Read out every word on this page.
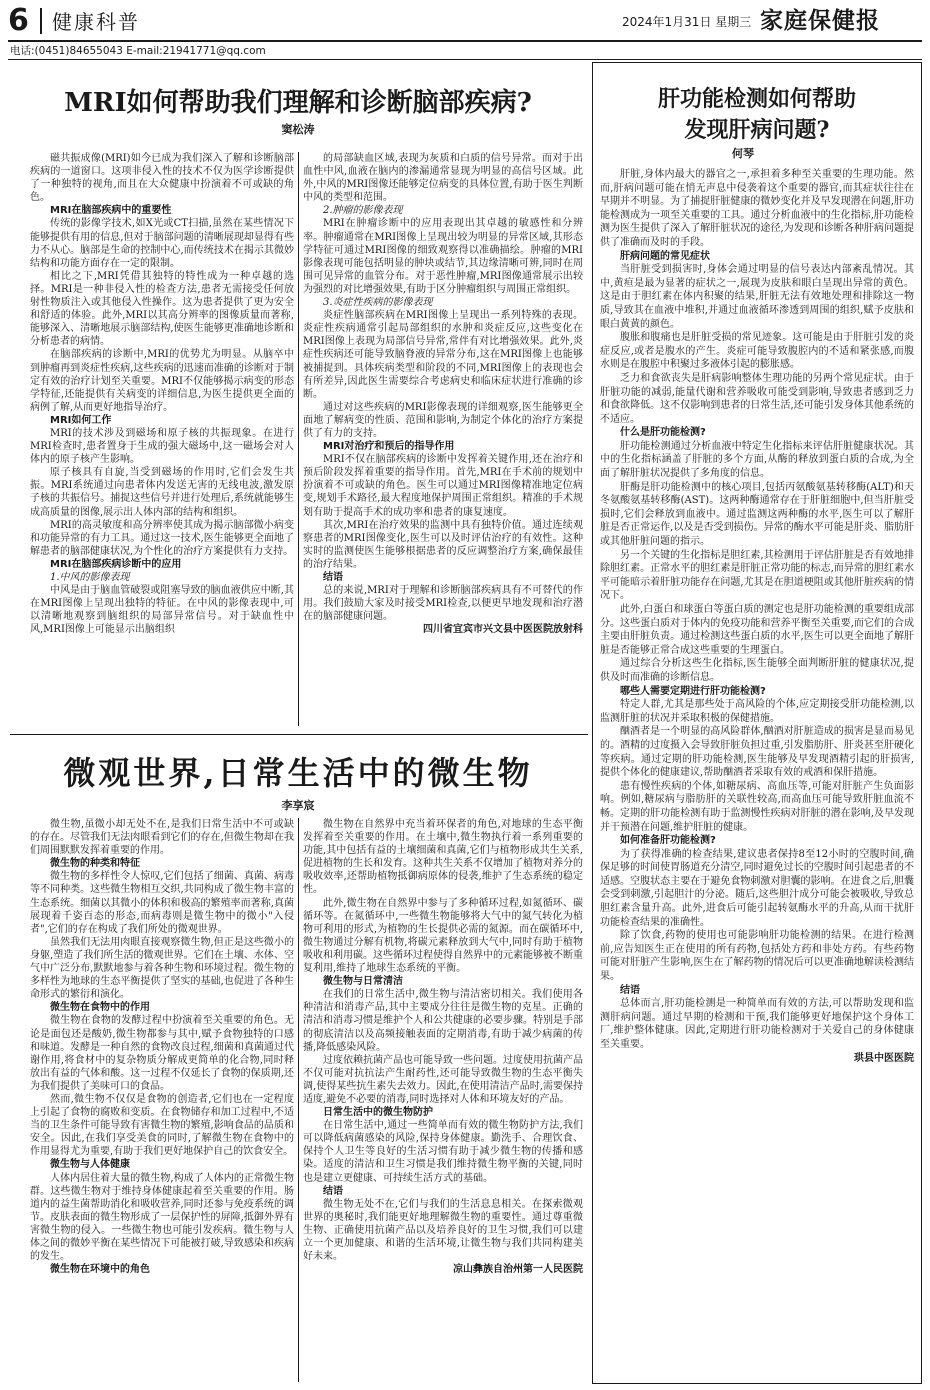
6 健康科普	2024年1月31日 星期三 家庭保健报
电话:(0451)84655043 E-mail:21941771@qq.com
MRI如何帮助我们理解和诊断脑部疾病?
窦松涛

磁共振成像(MRI)如今已成为我们深入了解和诊断脑部疾病的一道窗口。这项非侵入性的技术不仅为医学诊断提供了一种独特的视角,而且在大众健康中扮演着不可或缺的角色。

MRI在脑部疾病中的重要性

传统的影像学技术,如X光或CT扫描,虽然在某些情况下能够提供有用的信息,但对于脑部问题的清晰展现却显得有些力不从心。脑部是生命的控制中心,而传统技术在揭示其微妙结构和功能方面存在一定的限制。

相比之下,MRI凭借其独特的特性成为一种卓越的选择。MRI是一种非侵入性的检查方法,患者无需接受任何放射性物质注入或其他侵入性操作。这为患者提供了更为安全和舒适的体验。此外,MRI以其高分辨率的图像质量而著称,能够深入、清晰地展示脑部结构,使医生能够更准确地诊断和分析患者的病情。

在脑部疾病的诊断中,MRI的优势尤为明显。从脑卒中到肿瘤再到炎症性疾病,这些疾病的迅速而准确的诊断对于制定有效的治疗计划至关重要。MRI不仅能够揭示病变的形态学特征,还能提供有关病变的详细信息,为医生提供更全面的病例了解,从而更好地指导治疗。

MRI如何工作

MRI的技术涉及到磁场和原子核的共振现象。在进行MRI检查时,患者置身于生成的强大磁场中,这一磁场会对人体内的原子核产生影响。

原子核具有自旋,当受到磁场的作用时,它们会发生共振。MRI系统通过向患者体内发送无害的无线电波,激发原子核的共振信号。捕捉这些信号并进行处理后,系统就能够生成高质量的图像,展示出人体内部的结构和组织。

MRI的高灵敏度和高分辨率使其成为揭示脑部微小病变和功能异常的有力工具。通过这一技术,医生能够更全面地了解患者的脑部健康状况,为个性化的治疗方案提供有力支持。

MRI在脑部疾病诊断中的应用

1.中风的影像表现

中风是由于脑血管破裂或阻塞导致的脑血液供应中断,其在MRI图像上呈现出独特的特征。在中风的影像表现中,可以清晰地观察到脑组织的局部异常信号。对于缺血性中风,MRI图像上可能显示出脑组织

的局部缺血区域,表现为灰质和白质的信号异常。而对于出血性中风,血液在脑内的渗漏通常显现为明显的高信号区域。此外,中风的MRI图像还能够定位病变的具体位置,有助于医生判断中风的类型和范围。

2.肿瘤的影像表现

MRI在肿瘤诊断中的应用表现出其卓越的敏感性和分辨率。肿瘤通常在MRI图像上呈现出较为明显的异常区域,其形态学特征可通过MRI图像的细致观察得以准确描绘。肿瘤的MRI影像表现可能包括明显的肿块或结节,其边缘清晰可辨,同时在周围可见异常的血管分布。对于恶性肿瘤,MRI图像通常展示出较为强烈的对比增强效果,有助于区分肿瘤组织与周围正常组织。

3.炎症性疾病的影像表现

炎症性脑部疾病在MRI图像上呈现出一系列特殊的表现。炎症性疾病通常引起局部组织的水肿和炎症反应,这些变化在MRI图像上表现为局部信号异常,常伴有对比增强效果。此外,炎症性疾病还可能导致脑脊液的异常分布,这在MRI图像上也能够被捕捉到。具体疾病类型和阶段的不同,MRI图像上的表现也会有所差异,因此医生需要综合考虑病史和临床症状进行准确的诊断。

通过对这些疾病的MRI影像表现的详细观察,医生能够更全面地了解病变的性质、范围和影响,为制定个体化的治疗方案提供了有力的支持。

MRI对治疗和预后的指导作用

MRI不仅在脑部疾病的诊断中发挥着关键作用,还在治疗和预后阶段发挥着重要的指导作用。首先,MRI在手术前的规划中扮演着不可或缺的角色。医生可以通过MRI图像精准地定位病变,规划手术路径,最大程度地保护周围正常组织。精准的手术规划有助于提高手术的成功率和患者的康复速度。

其次,MRI在治疗效果的监测中具有独特价值。通过连续观察患者的MRI图像变化,医生可以及时评估治疗的有效性。这种实时的监测使医生能够根据患者的反应调整治疗方案,确保最佳的治疗结果。

结语

总的来说,MRI对于理解和诊断脑部疾病具有不可替代的作用。我们鼓励大家及时接受MRI检查,以便更早地发现和治疗潜在的脑部健康问题。

四川省宜宾市兴文县中医医院放射科

微观世界,日常生活中的微生物
李享宸

微生物,虽微小却无处不在,是我们日常生活中不可或缺的存在。尽管我们无法肉眼看到它们的存在,但微生物却在我们周围默默发挥着重要的作用。

微生物的种类和特征

微生物的多样性令人惊叹,它们包括了细菌、真菌、病毒等不同种类。这些微生物相互交织,共同构成了微生物丰富的生态系统。细菌以其微小的体积和极高的繁殖率而著称,真菌展现着千姿百态的形态,而病毒则是微生物中的微小"入侵者",它们的存在构成了我们所处的微观世界。

虽然我们无法用肉眼直接观察微生物,但正是这些微小的身躯,塑造了我们所生活的微观世界。它们在土壤、水体、空气中广泛分布,默默地参与着各种生物和环境过程。微生物的多样性为地球的生态平衡提供了坚实的基础,也促进了各种生命形式的繁衍和演化。

微生物在食物中的作用

微生物在食物的发酵过程中扮演着至关重要的角色。无论是面包还是酸奶,微生物都参与其中,赋予食物独特的口感和味道。发酵是一种自然的食物改良过程,细菌和真菌通过代谢作用,将食材中的复杂物质分解成更简单的化合物,同时释放出有益的气体和酸。这一过程不仅延长了食物的保质期,还为我们提供了美味可口的食品。

然而,微生物不仅仅是食物的创造者,它们也在一定程度上引起了食物的腐败和变质。在食物储存和加工过程中,不适当的卫生条件可能导致有害微生物的繁殖,影响食品的品质和安全。因此,在我们享受美食的同时,了解微生物在食物中的作用显得尤为重要,有助于我们更好地保护自己的饮食安全。

微生物与人体健康

人体内居住着大量的微生物,构成了人体内的正常微生物群。这些微生物对于维持身体健康起着至关重要的作用。肠道内的益生菌帮助消化和吸收营养,同时还参与免疫系统的调节。皮肤表面的微生物形成了一层保护性的屏障,抵御外界有害微生物的侵入。一些微生物也可能引发疾病。微生物与人体之间的微妙平衡在某些情况下可能被打破,导致感染和疾病的发生。

微生物在环境中的角色

微生物在自然界中充当着环保者的角色,对地球的生态平衡发挥着至关重要的作用。在土壤中,微生物执行着一系列重要的功能,其中包括有益的土壤细菌和真菌,它们与植物形成共生关系,促进植物的生长和发育。这种共生关系不仅增加了植物对养分的吸收效率,还帮助植物抵御病原体的侵袭,维护了生态系统的稳定性。

此外,微生物在自然界中参与了多种循环过程,如氮循环、碳循环等。在氮循环中,一些微生物能够将大气中的氮气转化为植物可利用的形式,为植物的生长提供必需的氮源。而在碳循环中,微生物通过分解有机物,将碳元素释放到大气中,同时有助于植物吸收和利用碳。这些循环过程使得自然界中的元素能够被不断重复利用,维持了地球生态系统的平衡。

微生物与日常清洁

在我们的日常生活中,微生物与清洁密切相关。我们使用各种清洁和消毒产品,其中主要成分往往是微生物的克星。正确的清洁和消毒习惯是维护个人和公共健康的必要步骤。特别是手部的彻底清洁以及高频接触表面的定期消毒,有助于减少病菌的传播,降低感染风险。

过度依赖抗菌产品也可能导致一些问题。过度使用抗菌产品不仅可能对抗抗法产生耐药性,还可能导致微生物的生态平衡失调,使得某些抗生素失去效力。因此,在使用清洁产品时,需要保持适度,避免不必要的消毒,同时选择对人体和环境友好的产品。

日常生活中的微生物防护

在日常生活中,通过一些简单而有效的微生物防护方法,我们可以降低病菌感染的风险,保持身体健康。勤洗手、合理饮食、保持个人卫生等良好的生活习惯有助于减少微生物的传播和感染。适度的清洁和卫生习惯是我们维持微生物平衡的关键,同时也是建立更健康、可持续生活方式的基础。

结语

微生物无处不在,它们与我们的生活息息相关。在探索微观世界的奥秘时,我们能更好地理解微生物的重要性。通过尊重微生物、正确使用抗菌产品以及培养良好的卫生习惯,我们可以建立一个更加健康、和谐的生活环境,让微生物与我们共同构建美好未来。

凉山彝族自治州第一人民医院

肝功能检测如何帮助
发现肝病问题?
何琴

肝脏,身体内最大的器官之一,承担着多种至关重要的生理功能。然而,肝病问题可能在悄无声息中侵袭着这个重要的器官,而其症状往往在早期并不明显。为了捕捉肝脏健康的微妙变化并及早发现潜在问题,肝功能检测成为一项至关重要的工具。通过分析血液中的生化指标,肝功能检测为医生提供了深入了解肝脏状况的途径,为发现和诊断各种肝病问题提供了准确而及时的手段。

肝病问题的常见症状

当肝脏受到损害时,身体会通过明显的信号表达内部紊乱情况。其中,黄疸是最为显著的症状之一,展现为皮肤和眼白呈现出异常的黄色。这是由于胆红素在体内积聚的结果,肝脏无法有效地处理和排除这一物质,导致其在血液中堆积,并通过血液循环渗透到周围的组织,赋予皮肤和眼白黄黄的颜色。

腹胀和腹痛也是肝脏受损的常见迹象。这可能是由于肝脏引发的炎症反应,或者是腹水的产生。炎症可能导致腹腔内的不适和紧张感,而腹水则是在腹腔中积聚过多液体引起的膨胀感。

乏力和食欲丧失是肝病影响整体生理功能的另两个常见症状。由于肝脏功能的减弱,能量代谢和营养吸收可能受到影响,导致患者感到乏力和食欲降低。这不仅影响到患者的日常生活,还可能引发身体其他系统的不适应。

什么是肝功能检测?

肝功能检测通过分析血液中特定生化指标来评估肝脏健康状况。其中的生化指标涵盖了肝脏的多个方面,从酶的释放到蛋白质的合成,为全面了解肝脏状况提供了多角度的信息。

肝酶是肝功能检测中的核心项目,包括丙氨酸氨基转移酶(ALT)和天冬氨酸氨基转移酶(AST)。这两种酶通常存在于肝脏细胞中,但当肝脏受损时,它们会释放到血液中。通过监测这两种酶的水平,医生可以了解肝脏是否正常运作,以及是否受到损伤。异常的酶水平可能是肝炎、脂肪肝或其他肝脏问题的指示。

另一个关键的生化指标是胆红素,其检测用于评估肝脏是否有效地排除胆红素。正常水平的胆红素是肝脏正常功能的标志,而异常的胆红素水平可能暗示着肝脏功能存在问题,尤其是在胆道梗阻或其他肝脏疾病的情况下。

此外,白蛋白和球蛋白等蛋白质的测定也是肝功能检测的重要组成部分。这些蛋白质对于体内的免疫功能和营养平衡至关重要,而它们的合成主要由肝脏负责。通过检测这些蛋白质的水平,医生可以更全面地了解肝脏是否能够正常合成这些重要的生理蛋白。

通过综合分析这些生化指标,医生能够全面判断肝脏的健康状况,提供及时而准确的诊断信息。

哪些人需要定期进行肝功能检测?

特定人群,尤其是那些处于高风险的个体,应定期接受肝功能检测,以监测肝脏的状况并采取积极的保健措施。

酗酒者是一个明显的高风险群体,酗酒对肝脏造成的损害是显而易见的。酒精的过度摄入会导致肝脏负担过重,引发脂肪肝、肝炎甚至肝硬化等疾病。通过定期的肝功能检测,医生能够及早发现酒精引起的肝损害,提供个体化的健康建议,帮助酗酒者采取有效的戒酒和保肝措施。

患有慢性疾病的个体,如糖尿病、高血压等,可能对肝脏产生负面影响。例如,糖尿病与脂肪肝的关联性较高,而高血压可能导致肝脏血流不畅。定期的肝功能检测有助于监测慢性疾病对肝脏的潜在影响,及早发现并干预潜在问题,维护肝脏的健康。

如何准备肝功能检测?

为了获得准确的检查结果,建议患者保持8至12小时的空腹时间,确保足够的时间使胃肠道充分清空,同时避免过长的空腹时间引起患者的不适感。空腹状态主要在于避免食物刺激对胆囊的影响。在进食之后,胆囊会受到刺激,引起胆汁的分泌。随后,这些胆汁成分可能会被吸收,导致总胆红素含量升高。此外,进食后可能引起转氨酶水平的升高,从而干扰肝功能检查结果的准确性。

除了饮食,药物的使用也可能影响肝功能检测的结果。在进行检测前,应告知医生正在使用的所有药物,包括处方药和非处方药。有些药物可能对肝脏产生影响,医生在了解药物的情况后可以更准确地解读检测结果。

结语

总体而言,肝功能检测是一种简单而有效的方法,可以帮助发现和监测肝病问题。通过早期的检测和干预,我们能够更好地保护这个身体工厂,维护整体健康。因此,定期进行肝功能检测对于关爱自己的身体健康至关重要。

珙县中医医院
